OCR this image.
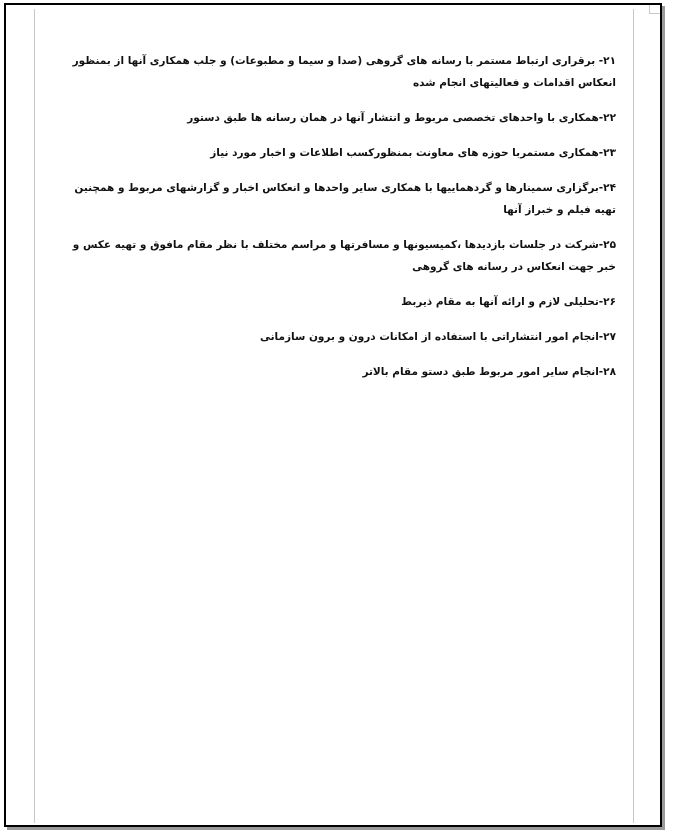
۲۱- برقراری ارتباط مستمر با رسانه های گروهی (صدا و سیما و مطبوعات) و جلب همکاری آنها از بمنظور انعکاس اقدامات و فعالیتهای انجام شده

۲۲-همکاری با واحدهای تخصصی مربوط و انتشار آنها در همان رسانه ها طبق دستور

۲۳-همکاری مستمربا حوزه های معاونت بمنظورکسب اطلاعات و اخبار مورد نیاز

۲۴-برگزاری سمینارها و گردهماییها با همکاری سایر واحدها و انعکاس اخبار و گزارشهای مربوط و همچنین تهیه فیلم و خبراز آنها

۲۵-شرکت در جلسات بازدیدها ،کمیسیونها و مسافرتها و مراسم مختلف با نظر مقام مافوق و تهیه عکس و خبر جهت انعکاس در رسانه های گروهی

۲۶-تحلیلی لازم و ارائه آنها به مقام ذیربط

۲۷-انجام امور انتشاراتی با استفاده از امکانات درون و برون سازمانی

۲۸-انجام سایر امور مربوط طبق دستو مقام بالاتر
